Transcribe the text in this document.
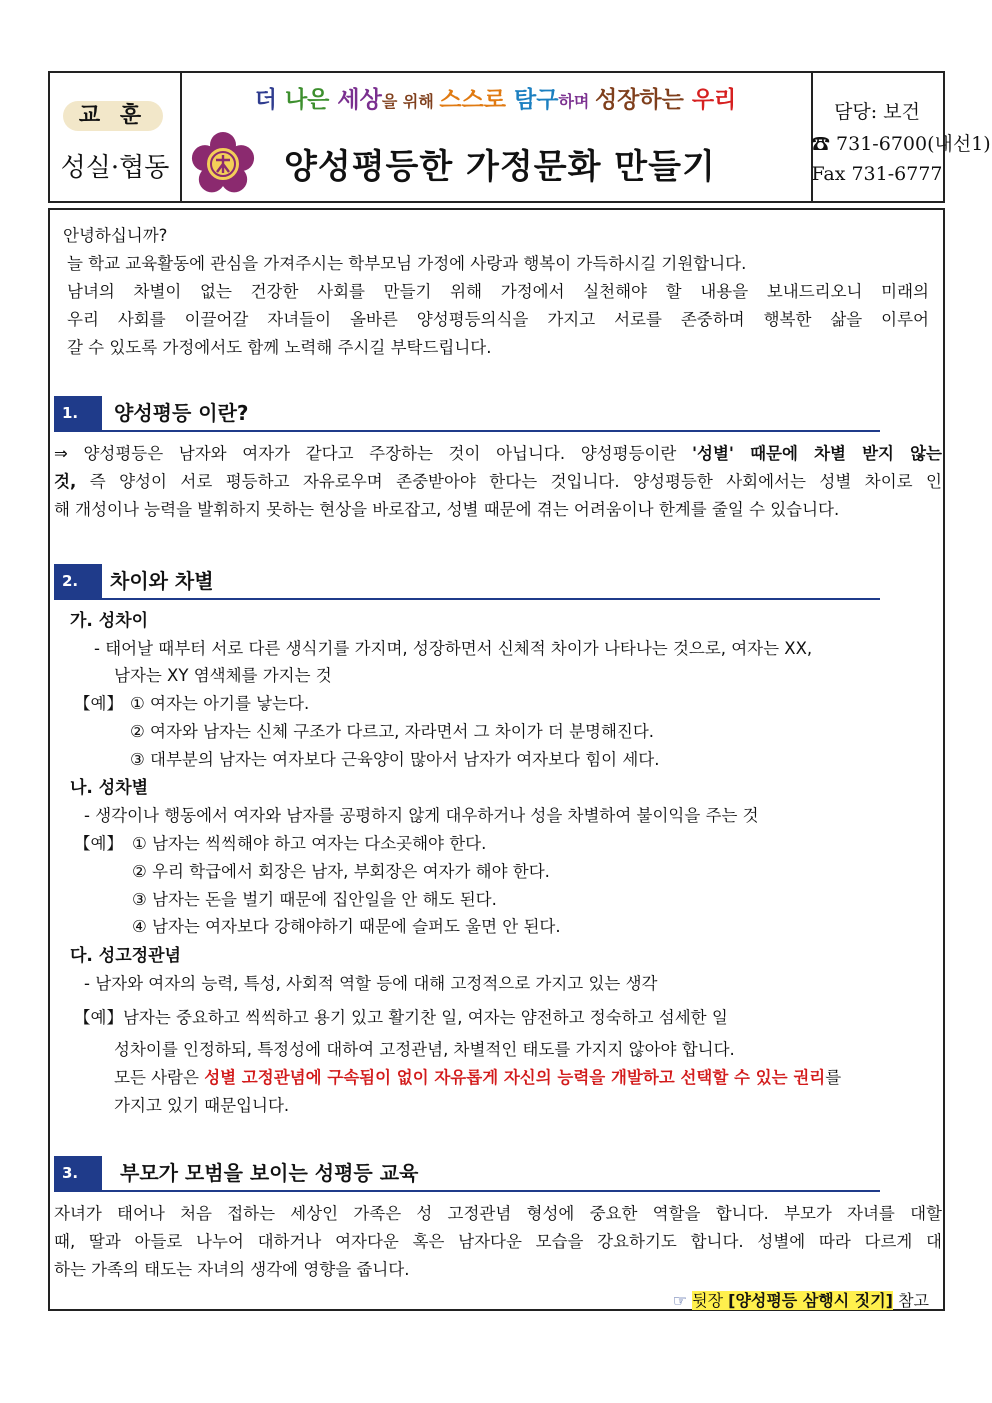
교 훈
성실·협동
더 나은 세상을 위해 스스로 탐구하며 성장하는 우리
양성평등한 가정문화 만들기
담당: 보건
☎ 731-6700(내선1)
Fax 731-6777
안녕하십니까?
늘 학교 교육활동에 관심을 가져주시는 학부모님 가정에 사랑과 행복이 가득하시길 기원합니다.
남녀의 차별이 없는 건강한 사회를 만들기 위해 가정에서 실천해야 할 내용을 보내드리오니 미래의
우리 사회를 이끌어갈 자녀들이 올바른 양성평등의식을 가지고 서로를 존중하며 행복한 삶을 이루어
갈 수 있도록 가정에서도 함께 노력해 주시길 부탁드립니다.
1.	양성평등 이란?
⇒ 양성평등은 남자와 여자가 같다고 주장하는 것이 아닙니다. 양성평등이란 '성별' 때문에 차별 받지 않는
것, 즉 양성이 서로 평등하고 자유로우며 존중받아야 한다는 것입니다. 양성평등한 사회에서는 성별 차이로 인
해 개성이나 능력을 발휘하지 못하는 현상을 바로잡고, 성별 때문에 겪는 어려움이나 한계를 줄일 수 있습니다.
2.	차이와 차별
가. 성차이
- 태어날 때부터 서로 다른 생식기를 가지며, 성장하면서 신체적 차이가 나타나는 것으로, 여자는 XX,
남자는 XY 염색체를 가지는 것
【예】 ① 여자는 아기를 낳는다.
② 여자와 남자는 신체 구조가 다르고, 자라면서 그 차이가 더 분명해진다.
③ 대부분의 남자는 여자보다 근육양이 많아서 남자가 여자보다 힘이 세다.
나. 성차별
- 생각이나 행동에서 여자와 남자를 공평하지 않게 대우하거나 성을 차별하여 불이익을 주는 것
【예】 ① 남자는 씩씩해야 하고 여자는 다소곳해야 한다.
② 우리 학급에서 회장은 남자, 부회장은 여자가 해야 한다.
③ 남자는 돈을 벌기 때문에 집안일을 안 해도 된다.
④ 남자는 여자보다 강해야하기 때문에 슬퍼도 울면 안 된다.
다. 성고정관념
- 남자와 여자의 능력, 특성, 사회적 역할 등에 대해 고정적으로 가지고 있는 생각
【예】남자는 중요하고 씩씩하고 용기 있고 활기찬 일, 여자는 얌전하고 정숙하고 섬세한 일
성차이를 인정하되, 특정성에 대하여 고정관념, 차별적인 태도를 가지지 않아야 합니다.
모든 사람은 성별 고정관념에 구속됨이 없이 자유롭게 자신의 능력을 개발하고 선택할 수 있는 권리를
가지고 있기 때문입니다.
3.	부모가 모범을 보이는 성평등 교육
자녀가 태어나 처음 접하는 세상인 가족은 성 고정관념 형성에 중요한 역할을 합니다. 부모가 자녀를 대할
때, 딸과 아들로 나누어 대하거나 여자다운 혹은 남자다운 모습을 강요하기도 합니다. 성별에 따라 다르게 대
하는 가족의 태도는 자녀의 생각에 영향을 줍니다.
☞ 뒷장 [양성평등 삼행시 짓기] 참고
